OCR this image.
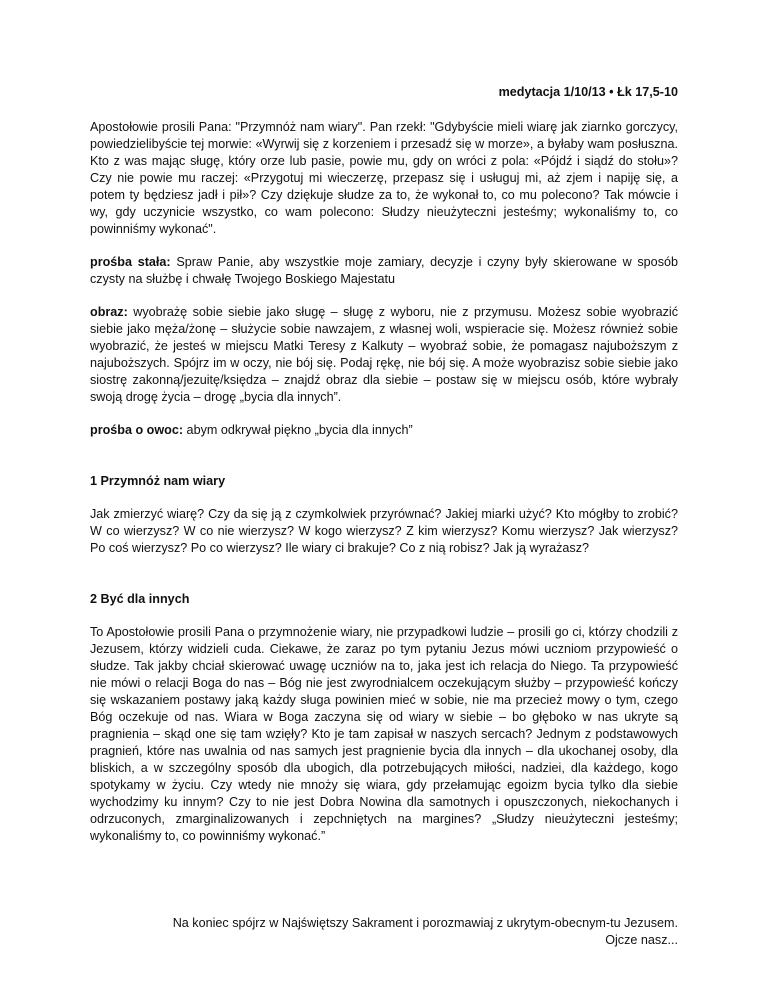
medytacja 1/10/13 • Łk 17,5-10

Apostołowie prosili Pana: "Przymnóż nam wiary". Pan rzekł: "Gdybyście mieli wiarę jak ziarnko gorczycy, powiedzielibyście tej morwie: «Wyrwij się z korzeniem i przesadź się w morze», a byłaby wam posłuszna. Kto z was mając sługę, który orze lub pasie, powie mu, gdy on wróci z pola: «Pójdź i siądź do stołu»? Czy nie powie mu raczej: «Przygotuj mi wieczerzę, przepasz się i usługuj mi, aż zjem i napiję się, a potem ty będziesz jadł i pił»? Czy dziękuje słudze za to, że wykonał to, co mu polecono? Tak mówcie i wy, gdy uczynicie wszystko, co wam polecono: Słudzy nieużyteczni jesteśmy; wykonaliśmy to, co powinniśmy wykonać".

prośba stała: Spraw Panie, aby wszystkie moje zamiary, decyzje i czyny były skierowane w sposób czysty na służbę i chwałę Twojego Boskiego Majestatu

obraz: wyobrażę sobie siebie jako sługę – sługę z wyboru, nie z przymusu. Możesz sobie wyobrazić siebie jako męża/żonę – służycie sobie nawzajem, z własnej woli, wspieracie się. Możesz również sobie wyobrazić, że jesteś w miejscu Matki Teresy z Kalkuty – wyobraź sobie, że pomagasz najuboższym z najuboższych. Spójrz im w oczy, nie bój się. Podaj rękę, nie bój się. A może wyobrazisz sobie siebie jako siostrę zakonną/jezuitę/księdza – znajdź obraz dla siebie – postaw się w miejscu osób, które wybrały swoją drogę życia – drogę „bycia dla innych”.

prośba o owoc: abym odkrywał piękno „bycia dla innych”

1 Przymnóż nam wiary

Jak zmierzyć wiarę? Czy da się ją z czymkolwiek przyrównać? Jakiej miarki użyć? Kto mógłby to zrobić? W co wierzysz? W co nie wierzysz? W kogo wierzysz? Z kim wierzysz? Komu wierzysz? Jak wierzysz? Po coś wierzysz? Po co wierzysz? Ile wiary ci brakuje? Co z nią robisz? Jak ją wyrażasz?

2 Być dla innych

To Apostołowie prosili Pana o przymnożenie wiary, nie przypadkowi ludzie – prosili go ci, którzy chodzili z Jezusem, którzy widzieli cuda. Ciekawe, że zaraz po tym pytaniu Jezus mówi uczniom przypowieść o słudze. Tak jakby chciał skierować uwagę uczniów na to, jaka jest ich relacja do Niego. Ta przypowieść nie mówi o relacji Boga do nas – Bóg nie jest zwyrodnialcem oczekującym służby – przypowieść kończy się wskazaniem postawy jaką każdy sługa powinien mieć w sobie, nie ma przecież mowy o tym, czego Bóg oczekuje od nas. Wiara w Boga zaczyna się od wiary w siebie – bo głęboko w nas ukryte są pragnienia – skąd one się tam wzięły? Kto je tam zapisał w naszych sercach? Jednym z podstawowych pragnień, które nas uwalnia od nas samych jest pragnienie bycia dla innych – dla ukochanej osoby, dla bliskich, a w szczególny sposób dla ubogich, dla potrzebujących miłości, nadziei, dla każdego, kogo spotykamy w życiu. Czy wtedy nie mnoży się wiara, gdy przełamując egoizm bycia tylko dla siebie wychodzimy ku innym? Czy to nie jest Dobra Nowina dla samotnych i opuszczonych, niekochanych i odrzuconych, zmarginalizowanych i zepchniętych na margines? „Słudzy nieużyteczni jesteśmy; wykonaliśmy to, co powinniśmy wykonać.”

Na koniec spójrz w Najświętszy Sakrament i porozmawiaj z ukrytym-obecnym-tu Jezusem.
Ojcze nasz...
